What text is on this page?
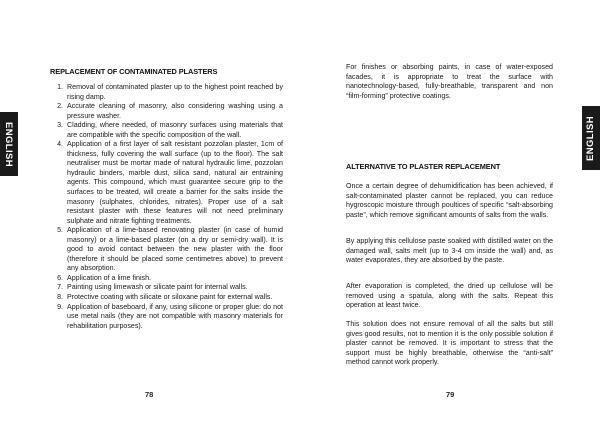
ENGLISH
REPLACEMENT OF CONTAMINATED PLASTERS
1. Removal of contaminated plaster up to the highest point reached by rising damp.
2. Accurate cleaning of masonry, also considering washing using a pressure washer.
3. Cladding, where needed, of masonry surfaces using materials that are compatible with the specific composition of the wall.
4. Application of a first layer of salt resistant pozzolan plaster, 1cm of thickness, fully covering the wall surface (up to the floor). The salt neutraliser must be mortar made of natural hydraulic lime, pozzolan hydraulic binders, marble dust, silica sand, natural air entraining agents. This compound, which must guarantee secure grip to the surfaces to be treated, will create a barrier for the salts inside the masonry (sulphates, chlorides, nitrates). Proper use of a salt resistant plaster with these features will not need preliminary sulphate and nitrate fighting treatments.
5. Application of a lime-based renovating plaster (in case of humid masonry) or a lime-based plaster (on a dry or semi-dry wall). It is good to avoid contact between the new plaster with the floor (therefore it should be placed some centimetres above) to prevent any absorption.
6. Application of a lime finish.
7. Painting using limewash or silicate paint for internal walls.
8. Protective coating with silicate or siloxane paint for external walls.
9. Application of baseboard, if any, using silicone or proper glue: do not use metal nails (they are not compatible with masonry materials for rehabilitation purposes).
78
ENGLISH

For finishes or absorbing paints, in case of water-exposed facades, it is appropriate to treat the surface with nanotechnology-based, fully-breathable, transparent and non “film-forming” protective coatings.

ALTERNATIVE TO PLASTER REPLACEMENT

Once a certain degree of dehumidification has been achieved, if salt-contaminated plaster cannot be replaced, you can reduce hygroscopic moisture through poultices of specific “salt-absorbing paste”, which remove significant amounts of salts from the walls.

By applying this cellulose paste soaked with distilled water on the damaged wall, salts melt (up to 3-4 cm inside the wall) and, as water evaporates, they are absorbed by the paste.

After evaporation is completed, the dried up cellulose will be removed using a spatula, along with the salts. Repeat this operation at least twice.

This solution does not ensure removal of all the salts but still gives good results, not to mention it is the only possible solution if plaster cannot be removed. It is important to stress that the support must be highly breathable, otherwise the “anti-salt” method cannot work properly.

79
